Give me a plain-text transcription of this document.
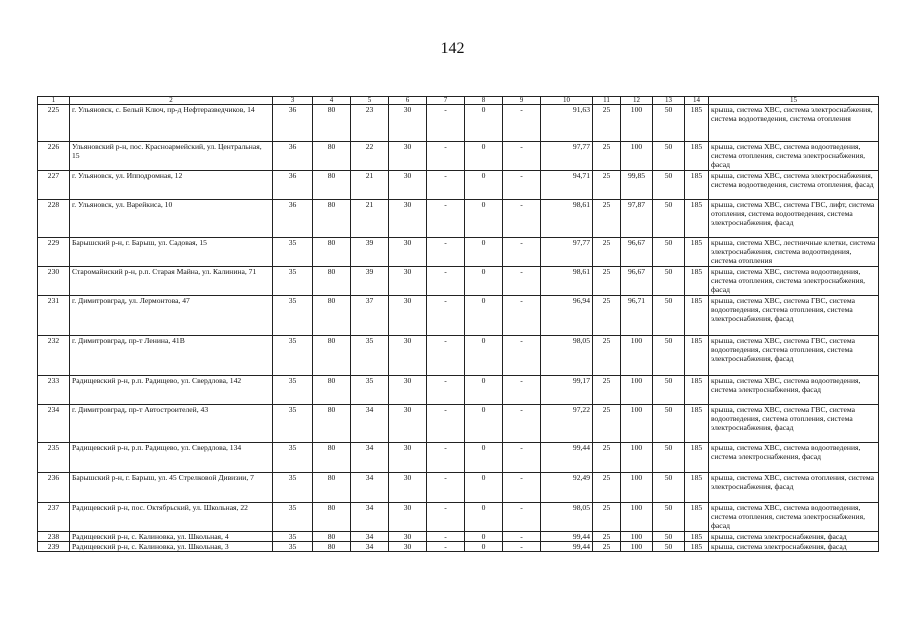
142
1	2	3	4	5	6	7	8	9	10	11	12	13	14	15
225	г. Ульяновск, с. Белый Ключ, пр-д Нефтеразведчиков, 14	36	80	23	30	-	0	-	91,63	25	100	50	185	крыша, система ХВС, система электроснабжения, система водоотведения, система отопления
226	Ульяновский р-н, пос. Красноармейский, ул. Центральная, 15	36	80	22	30	-	0	-	97,77	25	100	50	185	крыша, система ХВС, система водоотведения, система отопления, система электроснабжения, фасад
227	г. Ульяновск, ул. Ипподромная, 12	36	80	21	30	-	0	-	94,71	25	99,85	50	185	крыша, система ХВС, система электроснабжения, система водоотведения, система отопления, фасад
228	г. Ульяновск, ул. Варейкиса, 10	36	80	21	30	-	0	-	98,61	25	97,87	50	185	крыша, система ХВС, система ГВС, лифт, система отопления, система водоотведения, система электроснабжения, фасад
229	Барышский р-н, г. Барыш, ул. Садовая, 15	35	80	39	30	-	0	-	97,77	25	96,67	50	185	крыша, система ХВС, лестничные клетки, система электроснабжения, система водоотведения, система отопления
230	Старомайнский р-н, р.п. Старая Майна, ул. Калинина, 71	35	80	39	30	-	0	-	98,61	25	96,67	50	185	крыша, система ХВС, система водоотведения, система отопления, система электроснабжения, фасад
231	г. Димитровград, ул. Лермонтова, 47	35	80	37	30	-	0	-	96,94	25	96,71	50	185	крыша, система ХВС, система ГВС, система водоотведения, система отопления, система электроснабжения, фасад
232	г. Димитровград, пр-т Ленина, 41В	35	80	35	30	-	0	-	98,05	25	100	50	185	крыша, система ХВС, система ГВС, система водоотведения, система отопления, система электроснабжения, фасад
233	Радищевский р-н, р.п. Радищево, ул. Свердлова, 142	35	80	35	30	-	0	-	99,17	25	100	50	185	крыша, система ХВС, система водоотведения, система электроснабжения, фасад
234	г. Димитровград, пр-т Автостроителей, 43	35	80	34	30	-	0	-	97,22	25	100	50	185	крыша, система ХВС, система ГВС, система водоотведения, система отопления, система электроснабжения, фасад
235	Радищевский р-н, р.п. Радищево, ул. Свердлова, 134	35	80	34	30	-	0	-	99,44	25	100	50	185	крыша, система ХВС, система водоотведения, система электроснабжения, фасад
236	Барышский р-н, г. Барыш, ул. 45 Стрелковой Дивизии, 7	35	80	34	30	-	0	-	92,49	25	100	50	185	крыша, система ХВС, система отопления, система электроснабжения, фасад
237	Радищевский р-н, пос. Октябрьский, ул. Школьная, 22	35	80	34	30	-	0	-	98,05	25	100	50	185	крыша, система ХВС, система водоотведения, система отопления, система электроснабжения, фасад
238	Радищевский р-н, с. Калиновка, ул. Школьная, 4	35	80	34	30	-	0	-	99,44	25	100	50	185	крыша, система электроснабжения, фасад
239	Радищевский р-н, с. Калиновка, ул. Школьная, 3	35	80	34	30	-	0	-	99,44	25	100	50	185	крыша, система электроснабжения, фасад
